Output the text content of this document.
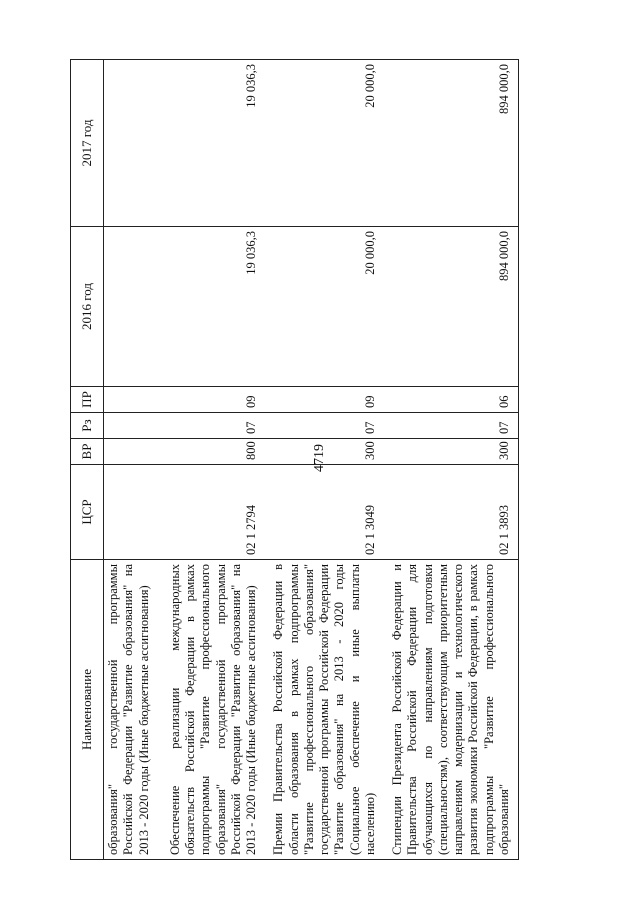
4719
Наименование	ЦСР	ВР	Рз	ПР	2016 год	2017 год
образования" государственной программы Российской Федерации "Развитие образования" на 2013 - 2020 годы (Иные бюджетные ассигнования)						
Обеспечение реализации международных обязательств Российской Федерации в рамках подпрограммы "Развитие профессионального образования" государственной программы Российской Федерации "Развитие образования" на 2013 - 2020 годы (Иные бюджетные ассигнования)	02 1 2794	800	07	09	19 036,3	19 036,3
Премии Правительства Российской Федерации в области образования в рамках подпрограммы "Развитие профессионального образования" государственной программы Российской Федерации "Развитие образования" на 2013 - 2020 годы (Социальное обеспечение и иные выплаты населению)	02 1 3049	300	07	09	20 000,0	20 000,0
Стипендии Президента Российской Федерации и Правительства Российской Федерации для обучающихся по направлениям подготовки (специальностям), соответствующим приоритетным направлениям модернизации и технологического развития экономики Российской Федерации, в рамках подпрограммы "Развитие профессионального образования"	02 1 3893	300	07	06	894 000,0	894 000,0
